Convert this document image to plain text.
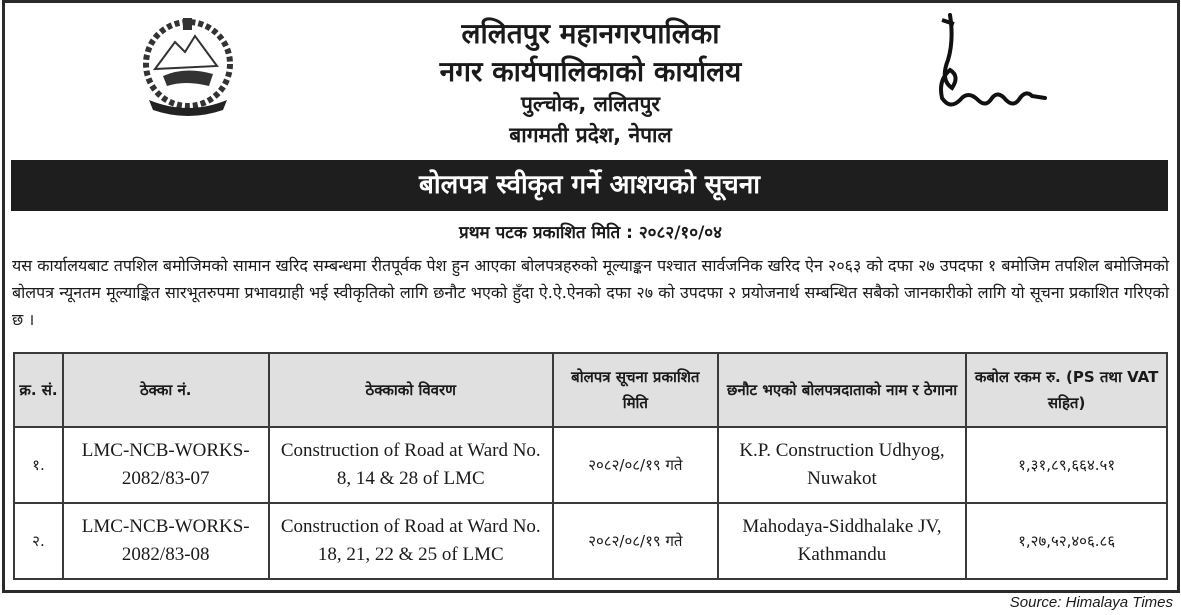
ललितपुर महानगरपालिका
नगर कार्यपालिकाको कार्यालय
पुल्चोक, ललितपुर
बागमती प्रदेश, नेपाल
बोलपत्र स्वीकृत गर्ने आशयको सूचना
प्रथम पटक प्रकाशित मिति : २०८२/१०/०४
यस कार्यालयबाट तपशिल बमोजिमको सामान खरिद सम्बन्धमा रीतपूर्वक पेश हुन आएका बोलपत्रहरुको मूल्याङ्कन पश्चात सार्वजनिक खरिद ऐन २०६३ को दफा २७ उपदफा १ बमोजिम तपशिल बमोजिमको बोलपत्र न्यूनतम मूल्याङ्कित सारभूतरुपमा प्रभावग्राही भई स्वीकृतिको लागि छनौट भएको हुँदा ऐ.ऐ.ऐनको दफा २७ को उपदफा २ प्रयोजनार्थ सम्बन्धित सबैको जानकारीको लागि यो सूचना प्रकाशित गरिएको छ ।
क्र. सं.	ठेक्का नं.	ठेक्काको विवरण	बोलपत्र सूचना प्रकाशित मिति	छनौट भएको बोलपत्रदाताको नाम र ठेगाना	कबोल रकम रु. (PS तथा VAT सहित)
१.	LMC-NCB-WORKS-2082/83-07	Construction of Road at Ward No. 8, 14 & 28 of LMC	२०८२/०८/१९ गते	K.P. Construction Udhyog, Nuwakot	१,३१,८९,६६४.५१
२.	LMC-NCB-WORKS-2082/83-08	Construction of Road at Ward No. 18, 21, 22 & 25 of LMC	२०८२/०८/१९ गते	Mahodaya-Siddhalake JV, Kathmandu	१,२७,५२,४०६.८६
Source: Himalaya Times
